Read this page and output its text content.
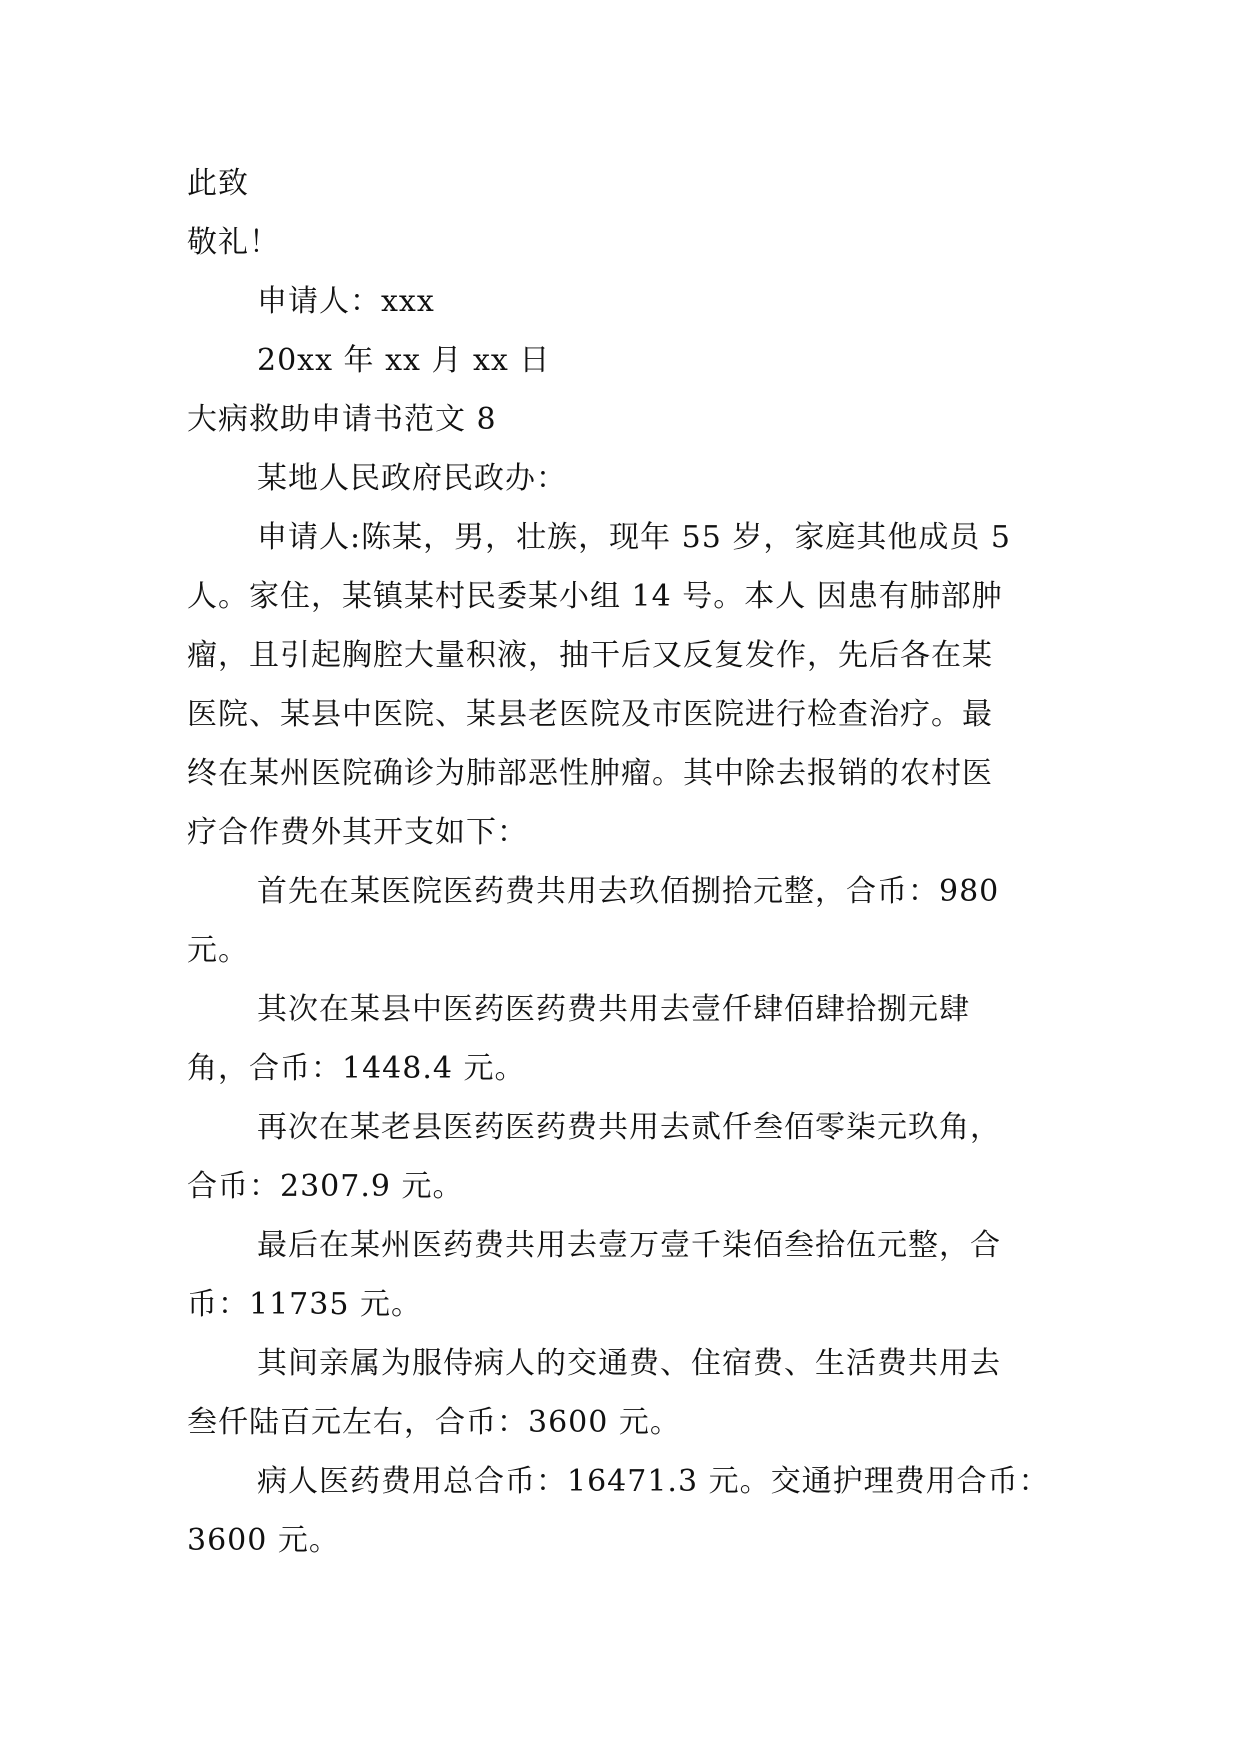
此致
敬礼！
申请人：xxx
20xx 年 xx 月 xx 日
大病救助申请书范文 8
某地人民政府民政办：
申请人:陈某，男，壮族，现年 55 岁，家庭其他成员 5
人。家住，某镇某村民委某小组 14 号。本人 因患有肺部肿
瘤，且引起胸腔大量积液，抽干后又反复发作，先后各在某
医院、某县中医院、某县老医院及市医院进行检查治疗。最
终在某州医院确诊为肺部恶性肿瘤。其中除去报销的农村医
疗合作费外其开支如下：
首先在某医院医药费共用去玖佰捌拾元整，合币：980
元。
其次在某县中医药医药费共用去壹仟肆佰肆拾捌元肆
角，合币：1448.4 元。
再次在某老县医药医药费共用去贰仟叁佰零柒元玖角，
合币：2307.9 元。
最后在某州医药费共用去壹万壹千柒佰叁拾伍元整，合
币：11735 元。
其间亲属为服侍病人的交通费、住宿费、生活费共用去
叁仟陆百元左右，合币：3600 元。
病人医药费用总合币：16471.3 元。交通护理费用合币：
3600 元。
